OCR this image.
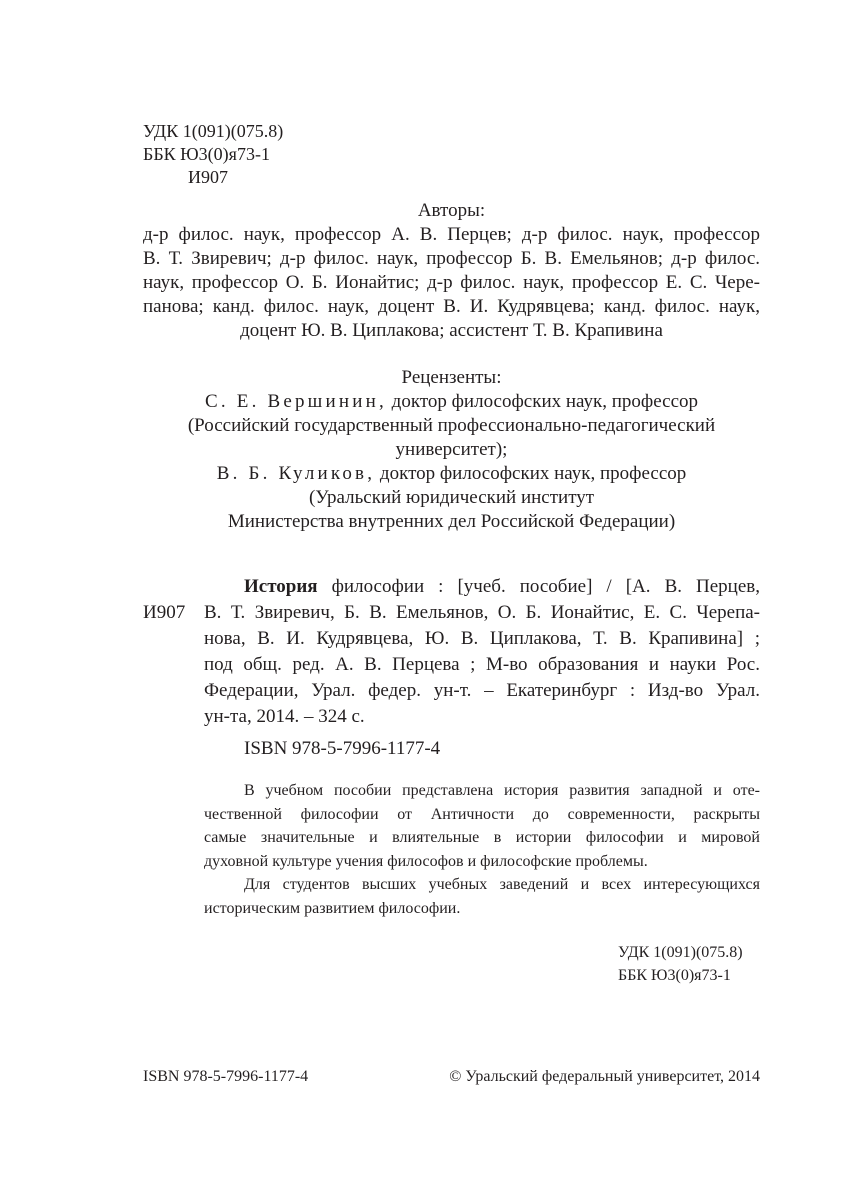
УДК 1(091)(075.8)
ББК Ю3(0)я73-1
И907
Авторы:
д-р филос. наук, профессор А. В. Перцев; д-р филос. наук, профессор
В. Т. Звиревич; д-р филос. наук, профессор Б. В. Емельянов; д-р филос.
наук, профессор О. Б. Ионайтис; д-р филос. наук, профессор Е. С. Чере-
панова; канд. филос. наук, доцент В. И. Кудрявцева; канд. филос. наук,
доцент Ю. В. Циплакова; ассистент Т. В. Крапивина
Рецензенты:
С. Е. Вершинин, доктор философских наук, профессор
(Российский государственный профессионально-педагогический
университет);
В. Б. Куликов, доктор философских наук, профессор
(Уральский юридический институт
Министерства внутренних дел Российской Федерации)
И907
История философии : [учеб. пособие] / [А. В. Перцев,
В. Т. Звиревич, Б. В. Емельянов, О. Б. Ионайтис, Е. С. Черепа-
нова, В. И. Кудрявцева, Ю. В. Циплакова, Т. В. Крапивина] ;
под общ. ред. А. В. Перцева ; М-во образования и науки Рос.
Федерации, Урал. федер. ун-т. – Екатеринбург : Изд-во Урал.
ун-та, 2014. – 324 с.
ISBN 978-5-7996-1177-4
В учебном пособии представлена история развития западной и оте-
чественной философии от Античности до современности, раскрыты
самые значительные и влиятельные в истории философии и мировой
духовной культуре учения философов и философские проблемы.
Для студентов высших учебных заведений и всех интересующихся
историческим развитием философии.
УДК 1(091)(075.8)
ББК Ю3(0)я73-1
ISBN 978-5-7996-1177-4	© Уральский федеральный университет, 2014
